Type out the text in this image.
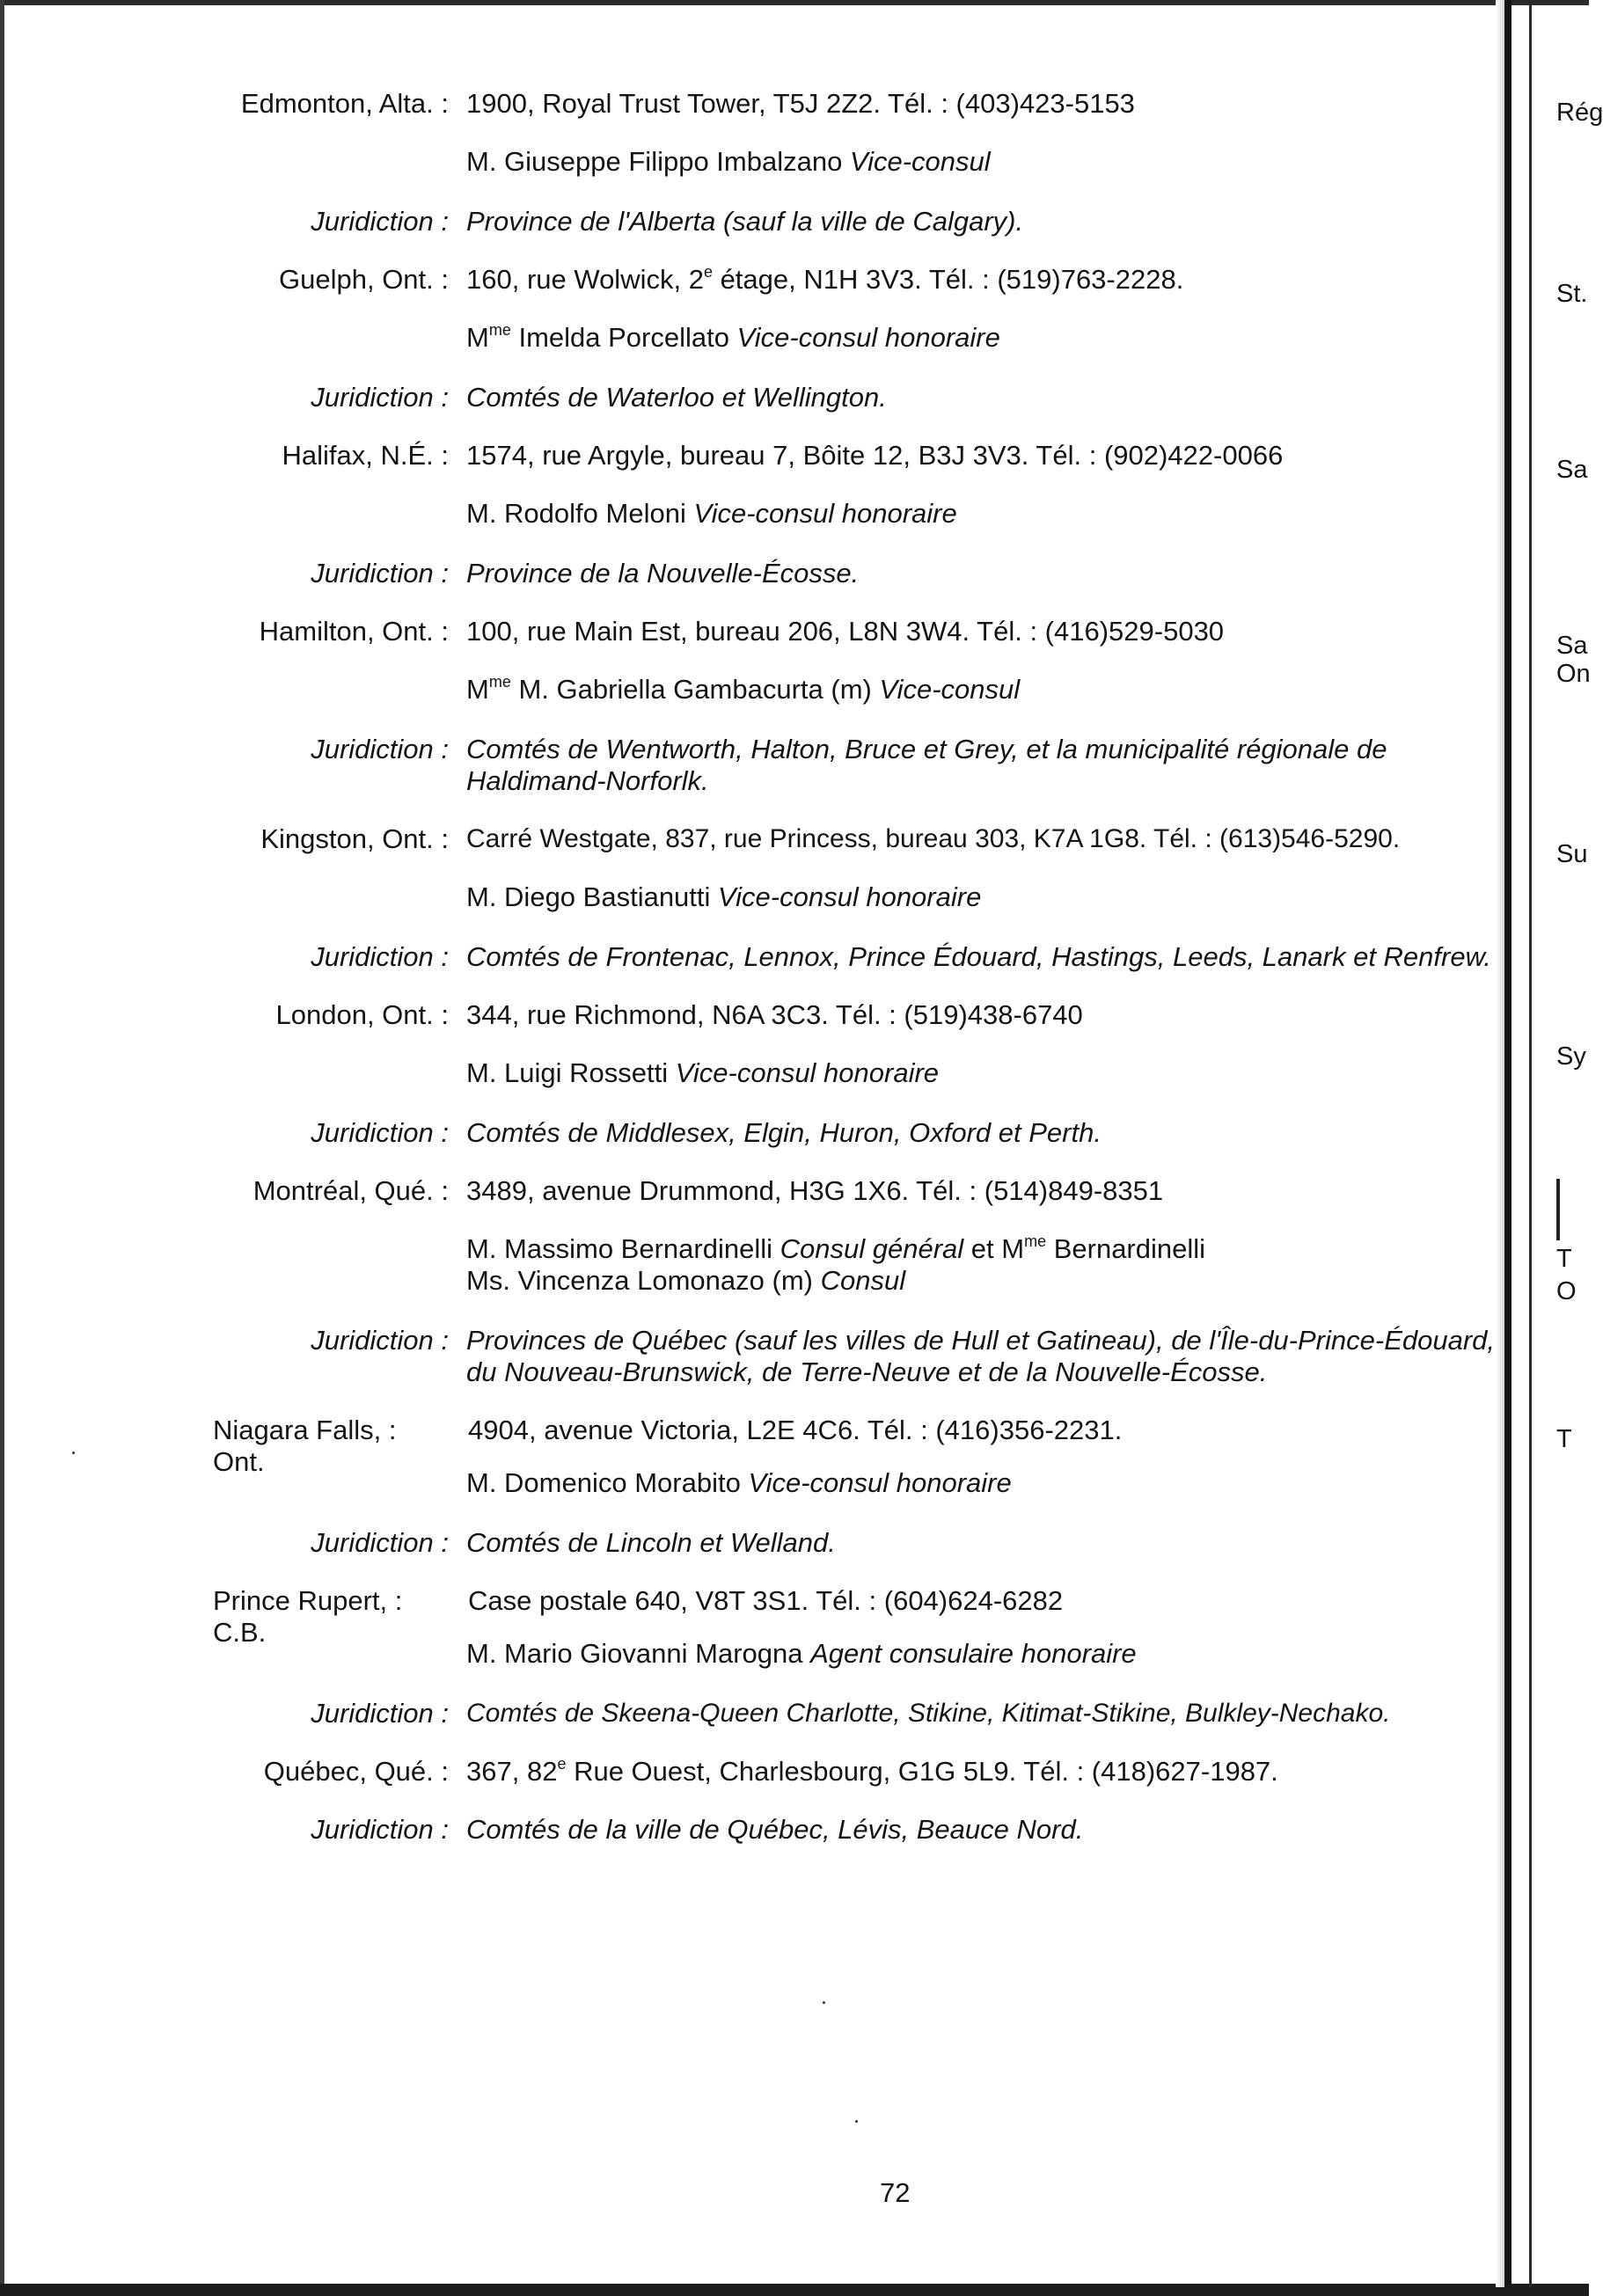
Rég
St.
Sa
Sa
On
Su
Sy
T
O
T
Edmonton, Alta. : 1900, Royal Trust Tower, T5J 2Z2. Tél. : (403)423-5153
M. Giuseppe Filippo Imbalzano Vice-consul
Juridiction : Province de l'Alberta (sauf la ville de Calgary).
Guelph, Ont. : 160, rue Wolwick, 2e étage, N1H 3V3. Tél. : (519)763-2228.
$M^{me}$ Imelda Porcellato Vice-consul honoraire
Juridiction : Comtés de Waterloo et Wellington.
Halifax, N.É. : 1574, rue Argyle, bureau 7, Bôite 12, B3J 3V3. Tél. : (902)422-0066
M. Rodolfo Meloni Vice-consul honoraire
Juridiction : Province de la Nouvelle-Écosse.
Hamilton, Ont. : 100, rue Main Est, bureau 206, L8N 3W4. Tél. : (416)529-5030
$M^{me}$ M. Gabriella Gambacurta (m) Vice-consul
Juridiction : Comtés de Wentworth, Halton, Bruce et Grey, et la municipalité régionale de Haldimand-Norforlk.
Kingston, Ont. : Carré Westgate, 837, rue Princess, bureau 303, K7A 1G8. Tél. : (613)546-5290.
M. Diego Bastianutti Vice-consul honoraire
Juridiction : Comtés de Frontenac, Lennox, Prince Édouard, Hastings, Leeds, Lanark et Renfrew.
London, Ont. : 344, rue Richmond, N6A 3C3. Tél. : (519)438-6740
M. Luigi Rossetti Vice-consul honoraire
Juridiction : Comtés de Middlesex, Elgin, Huron, Oxford et Perth.
Montréal, Qué. : 3489, avenue Drummond, H3G 1X6. Tél. : (514)849-8351
M. Massimo Bernardinelli Consul général et $M^{me}$ Bernardinelli
Ms. Vincenza Lomonazo (m) Consul
Juridiction : Provinces de Québec (sauf les villes de Hull et Gatineau), de l'Île-du-Prince-Édouard, du Nouveau-Brunswick, de Terre-Neuve et de la Nouvelle-Écosse.
Niagara Falls, :
Ont.
4904, avenue Victoria, L2E 4C6. Tél. : (416)356-2231.
M. Domenico Morabito Vice-consul honoraire
Juridiction : Comtés de Lincoln et Welland.
Prince Rupert, :
C.B.
Case postale 640, V8T 3S1. Tél. : (604)624-6282
M. Mario Giovanni Marogna Agent consulaire honoraire
Juridiction : Comtés de Skeena-Queen Charlotte, Stikine, Kitimat-Stikine, Bulkley-Nechako.
Québec, Qué. : 367, 82e Rue Ouest, Charlesbourg, G1G 5L9. Tél. : (418)627-1987.
Juridiction : Comtés de la ville de Québec, Lévis, Beauce Nord.
72
